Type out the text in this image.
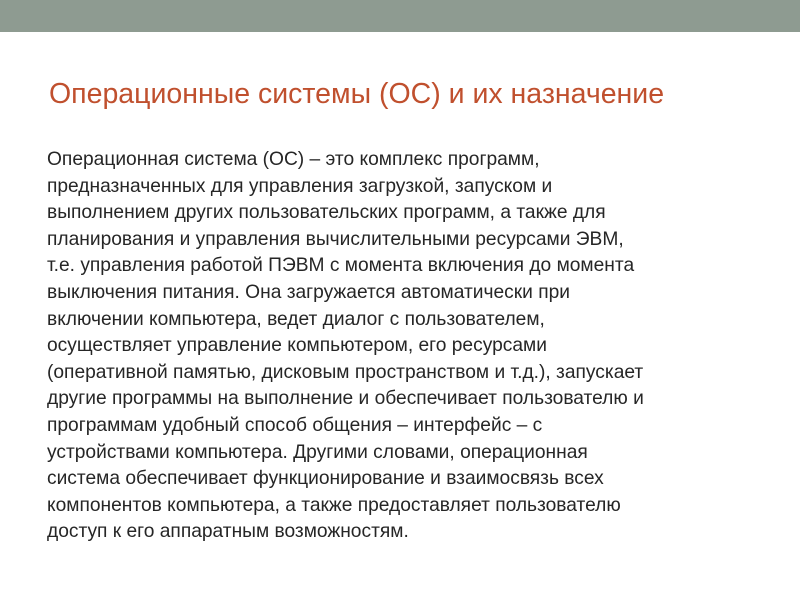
Операционные системы (ОС) и их назначение
Операционная система (ОС) – это комплекс программ,
предназначенных для управления загрузкой, запуском и
выполнением других пользовательских программ, а также для
планирования и управления вычислительными ресурсами ЭВМ,
т.е. управления работой ПЭВМ с момента включения до момента
выключения питания. Она загружается автоматически при
включении компьютера, ведет диалог с пользователем,
осуществляет управление компьютером, его ресурсами
(оперативной памятью, дисковым пространством и т.д.), запускает
другие программы на выполнение и обеспечивает пользователю и
программам удобный способ общения – интерфейс – с
устройствами компьютера. Другими словами, операционная
система обеспечивает функционирование и взаимосвязь всех
компонентов компьютера, а также предоставляет пользователю
доступ к его аппаратным возможностям.
